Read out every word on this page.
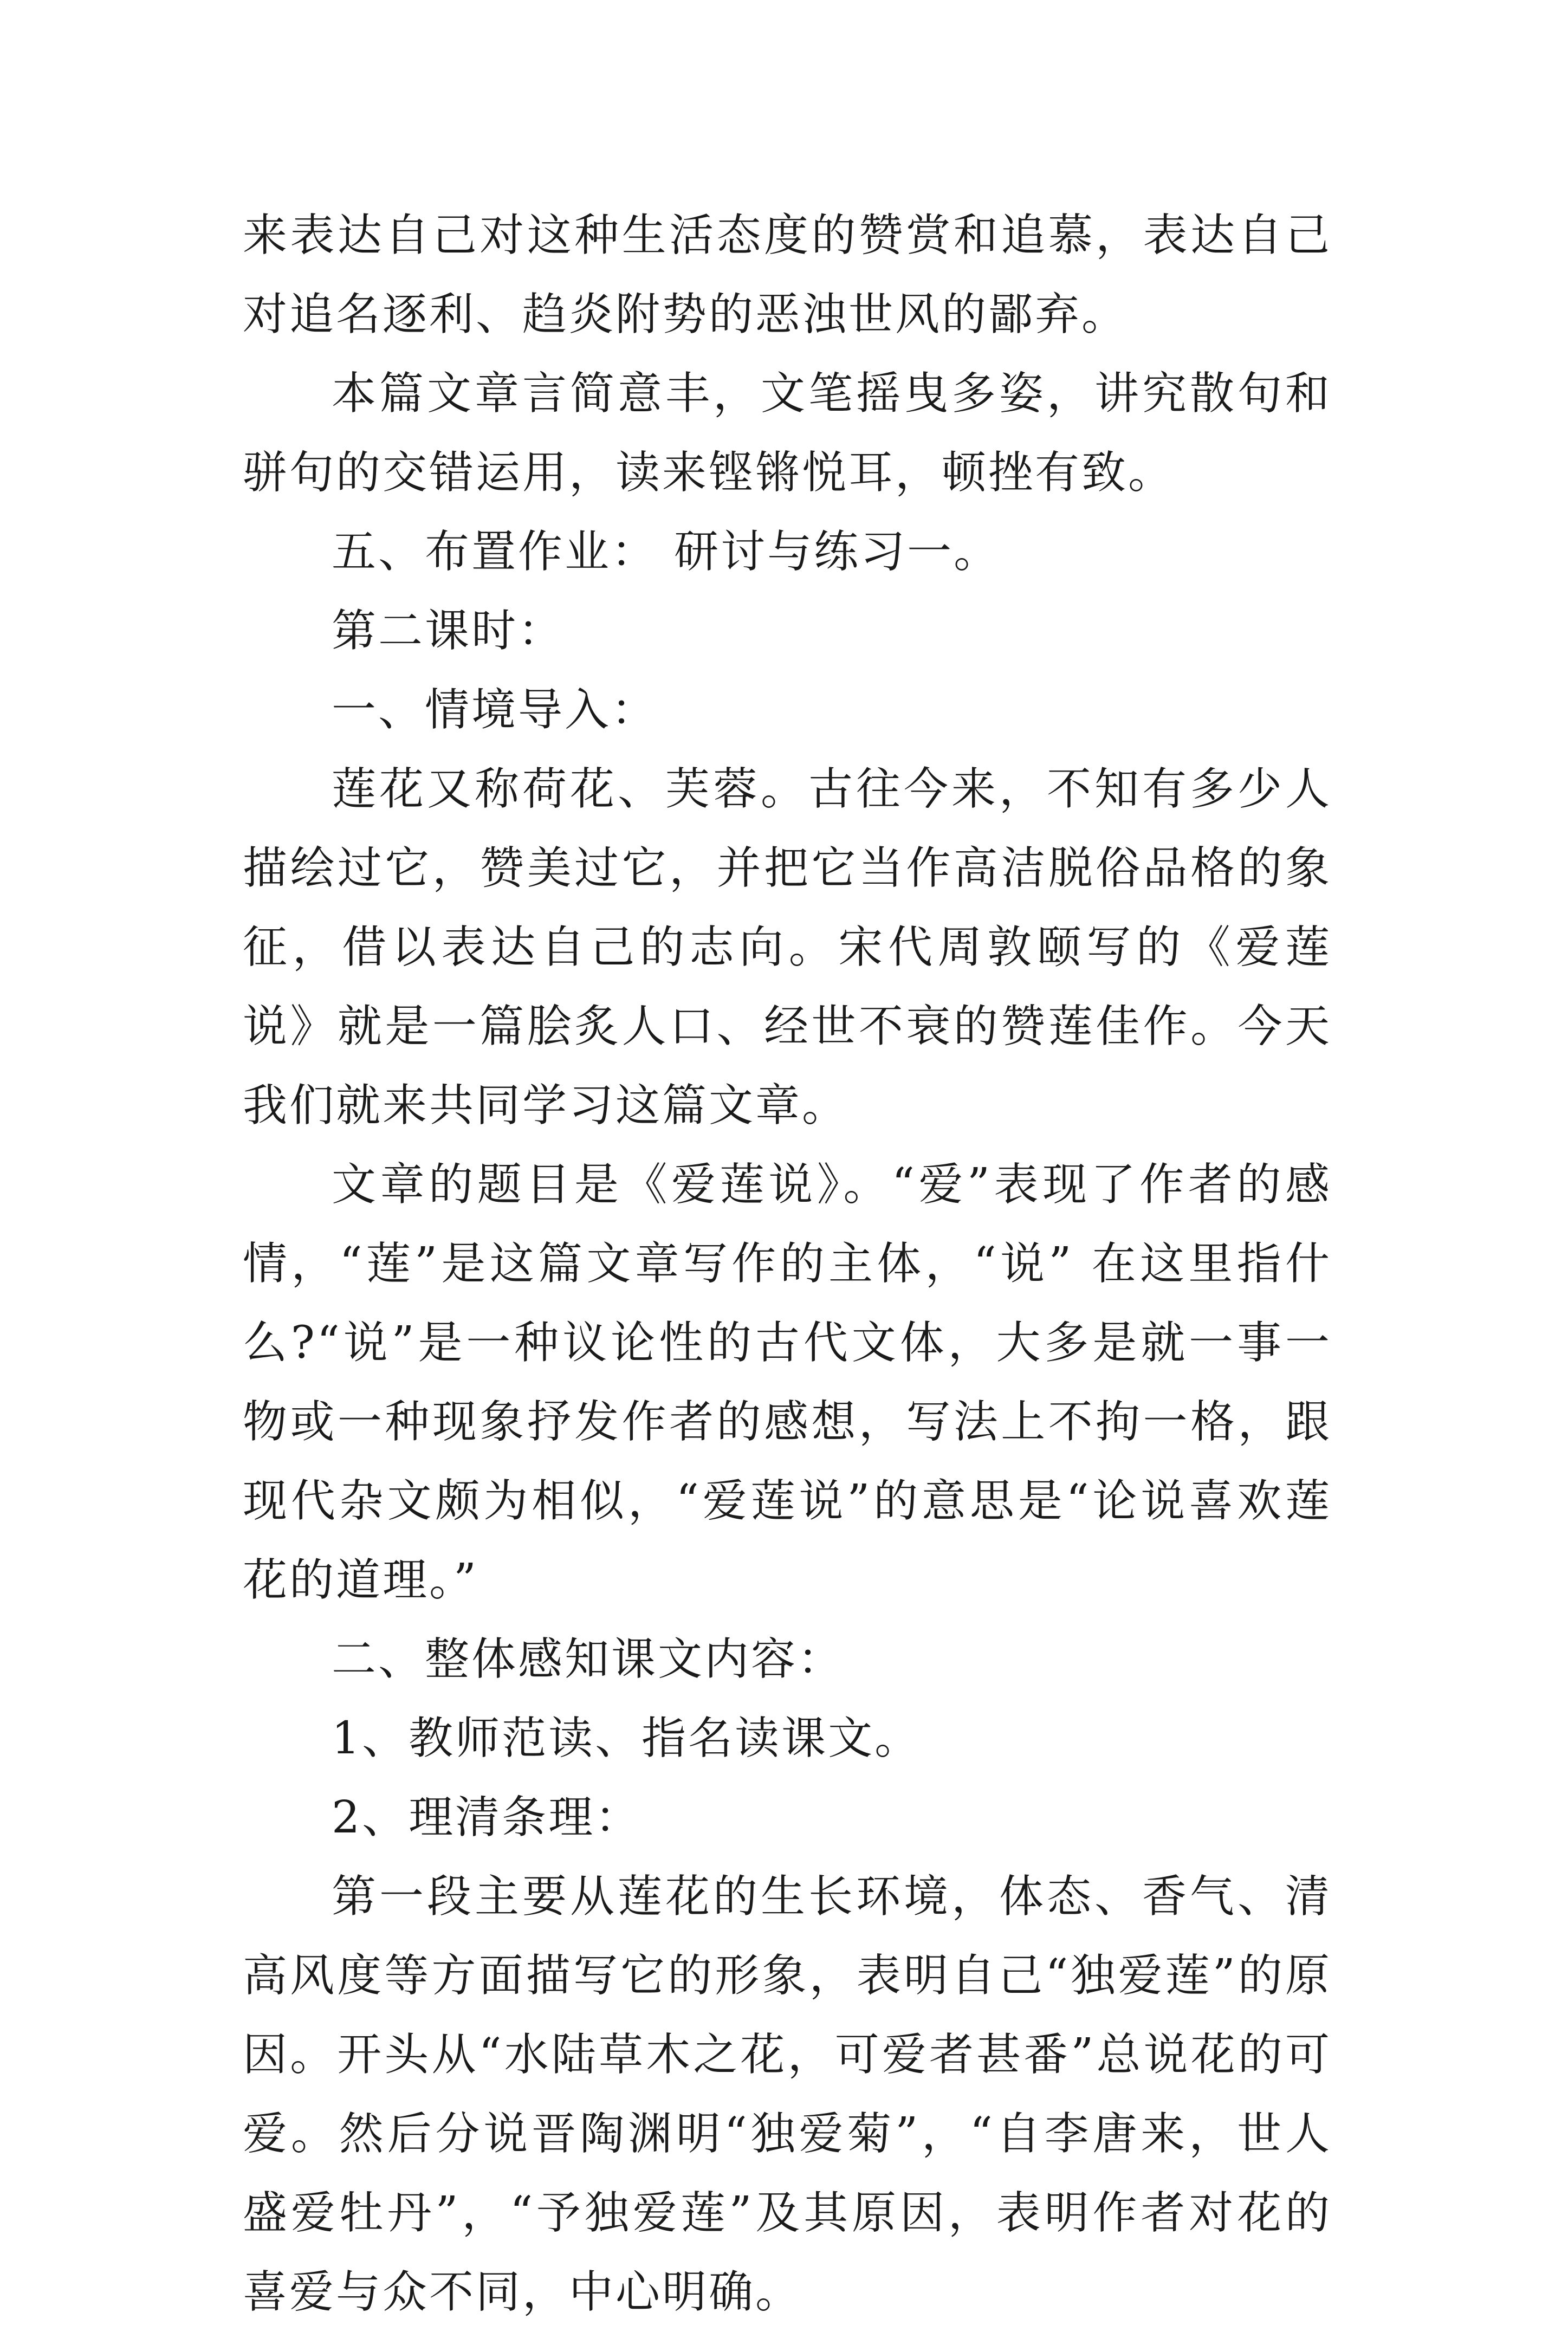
来表达自己对这种生活态度的赞赏和追慕，表达自己对追名逐利、趋炎附势的恶浊世风的鄙弃。

本篇文章言简意丰，文笔摇曳多姿，讲究散句和骈句的交错运用，读来铿锵悦耳，顿挫有致。

五、布置作业： 研讨与练习一。

第二课时：

一、情境导入：

莲花又称荷花、芙蓉。古往今来，不知有多少人描绘过它，赞美过它，并把它当作高洁脱俗品格的象征，借以表达自己的志向。宋代周敦颐写的《爱莲说》就是一篇脍炙人口、经世不衰的赞莲佳作。今天我们就来共同学习这篇文章。

文章的题目是《爱莲说》。“爱”表现了作者的感情，“莲”是这篇文章写作的主体，“说” 在这里指什么?“说”是一种议论性的古代文体，大多是就一事一物或一种现象抒发作者的感想，写法上不拘一格，跟现代杂文颇为相似，“爱莲说”的意思是“论说喜欢莲花的道理。”

二、整体感知课文内容：

1、教师范读、指名读课文。

2、理清条理：

第一段主要从莲花的生长环境，体态、香气、清高风度等方面描写它的形象，表明自己“独爱莲”的原因。开头从“水陆草木之花，可爱者甚番”总说花的可爱。然后分说晋陶渊明“独爱菊”，“自李唐来，世人盛爱牡丹”，“予独爱莲”及其原因，表明作者对花的喜爱与众不同，中心明确。
